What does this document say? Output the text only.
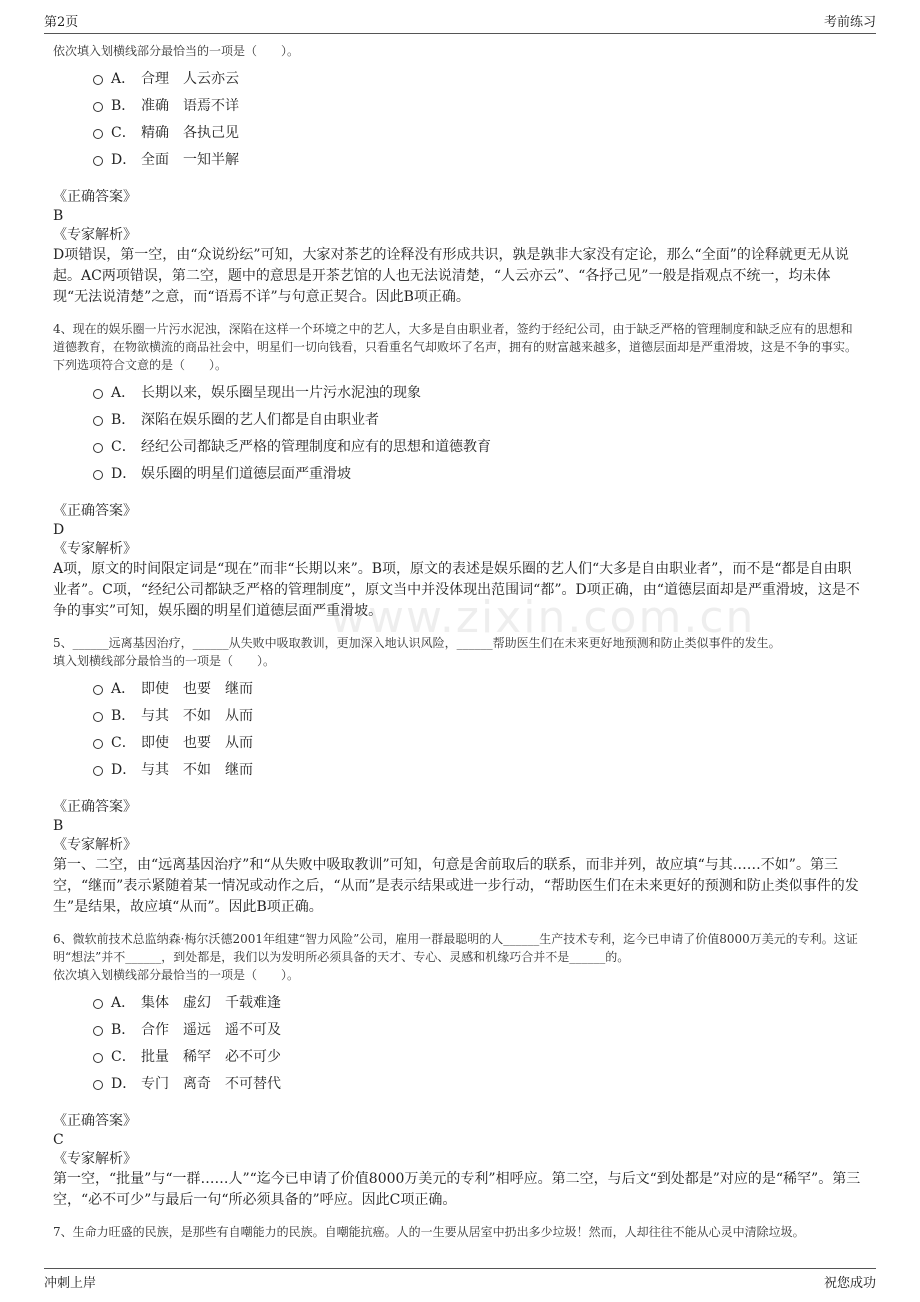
第2页	考前练习
www.zixin.com.cn
依次填入划横线部分最恰当的一项是（　　）。
A． 合理　人云亦云
B． 准确　语焉不详
C． 精确　各执己见
D． 全面　一知半解
《正确答案》
B
《专家解析》
D项错误，第一空，由“众说纷纭”可知，大家对茶艺的诠释没有形成共识，孰是孰非大家没有定论，那么“全面”的诠释就更无从说起。AC两项错误，第二空，题中的意思是开茶艺馆的人也无法说清楚，“人云亦云”、“各抒己见”一般是指观点不统一，均未体现“无法说清楚”之意，而“语焉不详”与句意正契合。因此B项正确。
4、现在的娱乐圈一片污水泥浊，深陷在这样一个环境之中的艺人，大多是自由职业者，签约于经纪公司，由于缺乏严格的管理制度和缺乏应有的思想和道德教育，在物欲横流的商品社会中，明星们一切向钱看，只看重名气却败坏了名声，拥有的财富越来越多，道德层面却是严重滑坡，这是不争的事实。
下列选项符合文意的是（　　）。
A． 长期以来，娱乐圈呈现出一片污水泥浊的现象
B． 深陷在娱乐圈的艺人们都是自由职业者
C． 经纪公司都缺乏严格的管理制度和应有的思想和道德教育
D． 娱乐圈的明星们道德层面严重滑坡
《正确答案》
D
《专家解析》
A项，原文的时间限定词是“现在”而非“长期以来”。B项，原文的表述是娱乐圈的艺人们“大多是自由职业者”，而不是“都是自由职业者”。C项，“经纪公司都缺乏严格的管理制度”，原文当中并没体现出范围词“都”。D项正确，由“道德层面却是严重滑坡，这是不争的事实”可知，娱乐圈的明星们道德层面严重滑坡。
5、______远离基因治疗，______从失败中吸取教训，更加深入地认识风险，______帮助医生们在未来更好地预测和防止类似事件的发生。
填入划横线部分最恰当的一项是（　　）。
A． 即使　也要　继而
B． 与其　不如　从而
C． 即使　也要　从而
D． 与其　不如　继而
《正确答案》
B
《专家解析》
第一、二空，由“远离基因治疗”和“从失败中吸取教训”可知，句意是舍前取后的联系，而非并列，故应填“与其……不如”。第三空，“继而”表示紧随着某一情况或动作之后，“从而”是表示结果或进一步行动，“帮助医生们在未来更好的预测和防止类似事件的发生”是结果，故应填“从而”。因此B项正确。
6、微软前技术总监纳森·梅尔沃德2001年组建“智力风险”公司，雇用一群最聪明的人______生产技术专利，迄今已申请了价值8000万美元的专利。这证明“想法”并不______，到处都是，我们以为发明所必须具备的天才、专心、灵感和机缘巧合并不是______的。
依次填入划横线部分最恰当的一项是（　　）。
A． 集体　虚幻　千载难逢
B． 合作　遥远　遥不可及
C． 批量　稀罕　必不可少
D． 专门　离奇　不可替代
《正确答案》
C
《专家解析》
第一空，“批量”与“一群……人”“迄今已申请了价值8000万美元的专利”相呼应。第二空，与后文“到处都是”对应的是“稀罕”。第三空，“必不可少”与最后一句“所必须具备的”呼应。因此C项正确。
7、生命力旺盛的民族，是那些有自嘲能力的民族。自嘲能抗癌。人的一生要从居室中扔出多少垃圾！然而，人却往往不能从心灵中清除垃圾。
冲刺上岸	祝您成功
